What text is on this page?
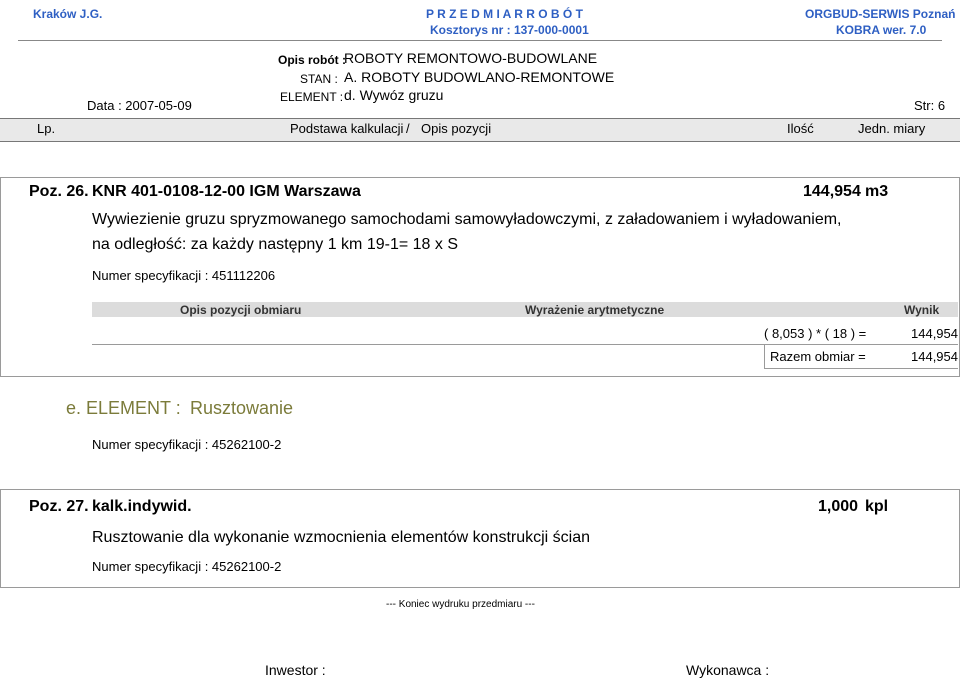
Kraków J.G.	P R Z E D M I A R R O B Ó T
Kosztorys nr : 137-000-0001
ORGBUD-SERWIS Poznań
KOBRA wer. 7.0
Opis robót :
ROBOTY REMONTOWO-BUDOWLANE
STAN : A. ROBOTY BUDOWLANO-REMONTOWE
ELEMENT : d. Wywóz gruzu
Data : 2007-05-09	Str: 6
Lp.	Podstawa kalkulacji / Opis pozycji	Ilość	Jedn. miary
Poz. 26. KNR 401-0108-12-00 IGM Warszawa	144,954 m3
Wywiezienie gruzu spryzmowanego samochodami samowyładowczymi, z załadowaniem i wyładowaniem,
na odległość: za każdy następny 1 km 19-1= 18 x S
Numer specyfikacji : 451112206
Opis pozycji obmiaru	Wyrażenie arytmetyczne	Wynik
( 8,053 ) * ( 18 ) =	144,954
Razem obmiar =	144,954
e. ELEMENT : Rusztowanie
Numer specyfikacji : 45262100-2
Poz. 27. kalk.indywid.	1,000 kpl
Rusztowanie dla wykonanie wzmocnienia elementów konstrukcji ścian
Numer specyfikacji : 45262100-2
--- Koniec wydruku przedmiaru ---
Inwestor :	Wykonawca :
